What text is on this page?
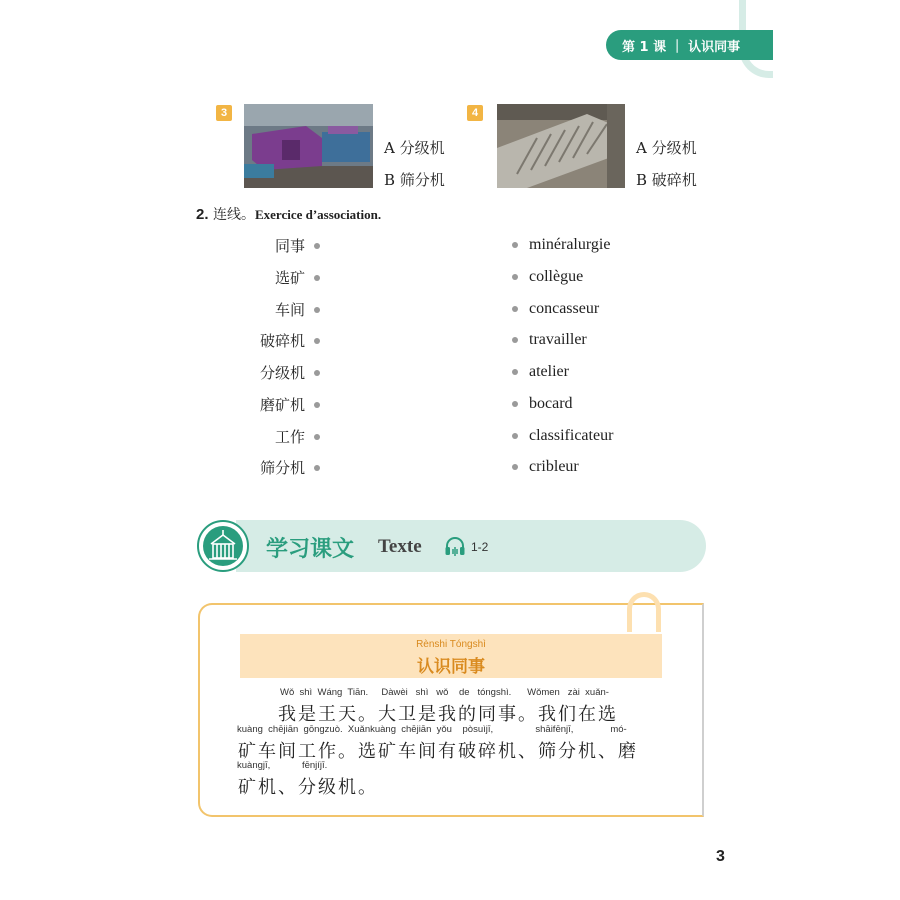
第 1 课 ｜ 认识同事
3
A 分级机
B 筛分机
4
A 分级机
B 破碎机
2. 连线。Exercice d’association.
同事
选矿
车间
破碎机
分级机
磨矿机
工作
筛分机
minéralurgie
collègue
concasseur
travailler
atelier
bocard
classificateur
cribleur
学习课文 Texte	1-2
Rènshi Tóngshì
认识同事
Wǒ  shì  Wáng  Tiān.     Dàwèi   shì   wǒ    de   tóngshì.      Wǒmen   zài  xuǎn-
我是王天。大卫是我的同事。我们在选
kuàng  chējiān  gōngzuò.  Xuǎnkuàng  chējiān  yǒu    pòsuìjī,                shāifēnjī,              mó-
矿车间工作。选矿车间有破碎机、筛分机、磨
kuàngjī,            fēnjíjī.
矿机、分级机。
3
